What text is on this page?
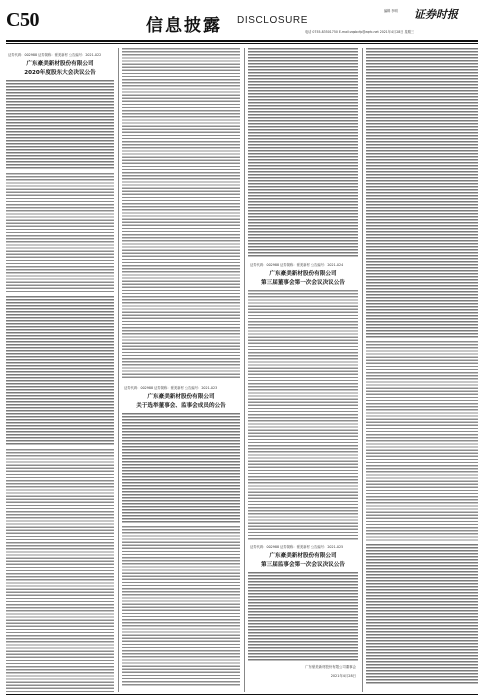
C50	信息披露 DISCLOSURE
编辑 李明 证券时报
电话 0755-83501750 E-mail:zqsbcfp@zqrb.net 2021年4月28日 星期三
证券代码：002988 证券简称：豪美新材 公告编号：2021-022
广东豪美新材股份有限公司
2020年度股东大会决议公告
证券代码：002988 证券简称：豪美新材 公告编号：2021-023
广东豪美新材股份有限公司
关于选举董事会、监事会成员的公告
证券代码：002988 证券简称：豪美新材 公告编号：2021-024
广东豪美新材股份有限公司
第三届董事会第一次会议决议公告
证券代码：002988 证券简称：豪美新材 公告编号：2021-025
广东豪美新材股份有限公司
第三届监事会第一次会议决议公告
广东豪美新材股份有限公司董事会
2021年4月28日
